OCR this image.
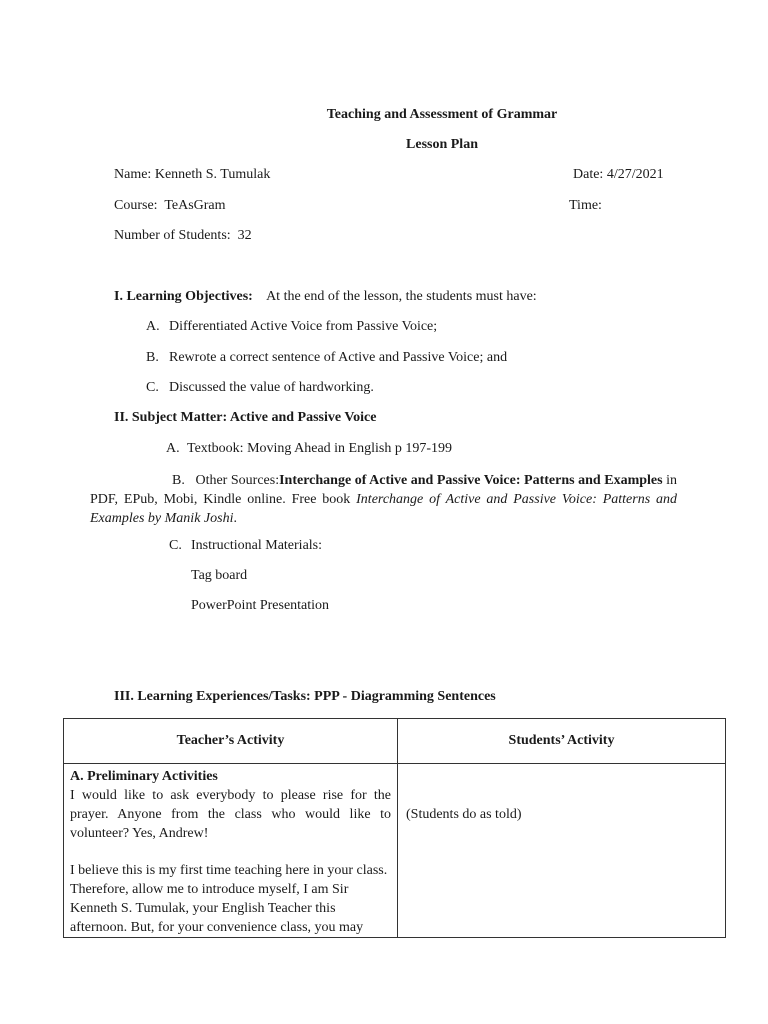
Teaching and Assessment of Grammar
Lesson Plan
Name: Kenneth S. Tumulak	Date: 4/27/2021
Course: TeAsGram	Time:
Number of Students: 32
I. Learning Objectives: At the end of the lesson, the students must have:
A. Differentiated Active Voice from Passive Voice;
B. Rewrote a correct sentence of Active and Passive Voice; and
C. Discussed the value of hardworking.
II. Subject Matter: Active and Passive Voice
A. Textbook: Moving Ahead in English p 197-199
B. Other Sources:Interchange of Active and Passive Voice: Patterns and Examples in PDF, EPub, Mobi, Kindle online. Free book Interchange of Active and Passive Voice: Patterns and Examples by Manik Joshi.
C. Instructional Materials:
Tag board
PowerPoint Presentation
III. Learning Experiences/Tasks: PPP - Diagramming Sentences
Teacher’s Activity	Students’ Activity

A. Preliminary Activities

I would like to ask everybody to please rise for the prayer. Anyone from the class who would like to volunteer? Yes, Andrew!

I believe this is my first time teaching here in your class. Therefore, allow me to introduce myself, I am Sir Kenneth S. Tumulak, your English Teacher this afternoon. But, for your convenience class, you may	(Students do as told)
